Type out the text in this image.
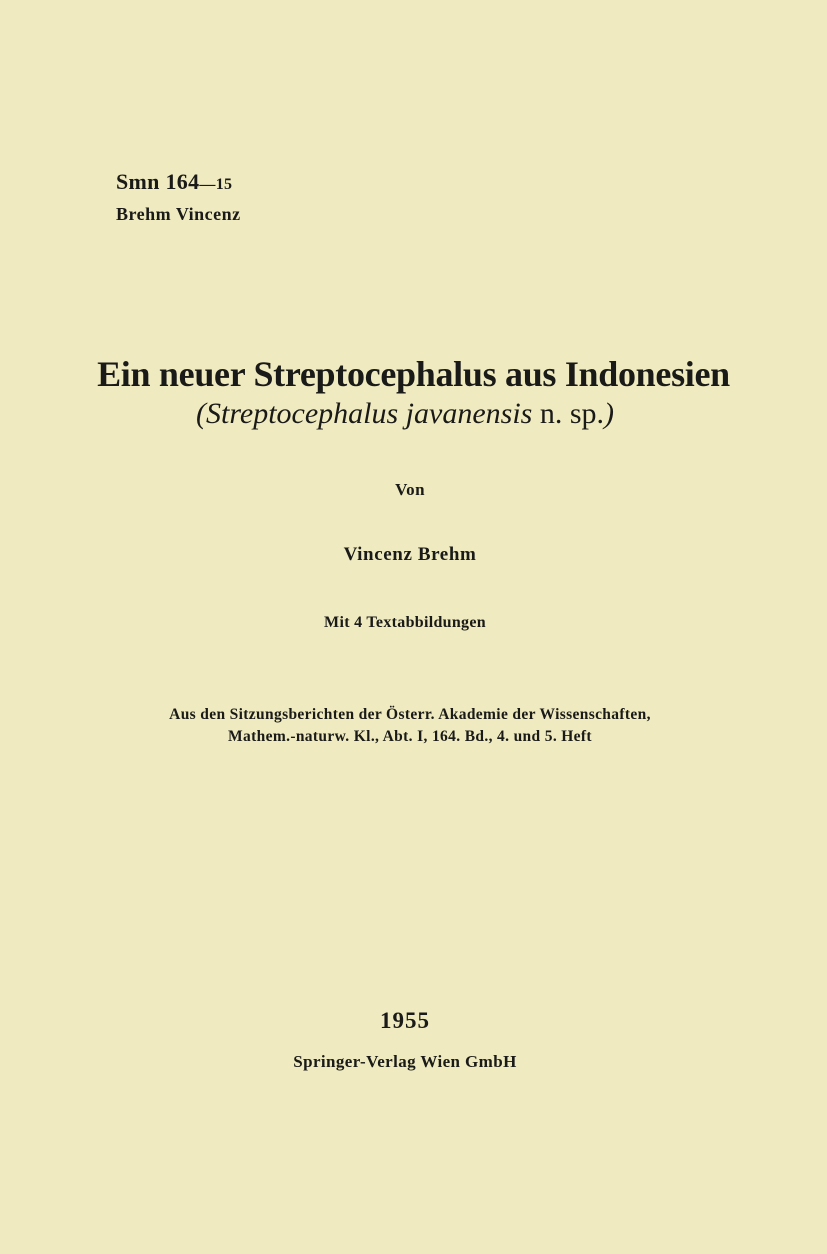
Smn 164—15
Brehm Vincenz
Ein neuer Streptocephalus aus Indonesien
(Streptocephalus javanensis n. sp.)
Von
Vincenz Brehm
Mit 4 Textabbildungen
Aus den Sitzungsberichten der Österr. Akademie der Wissenschaften,
Mathem.-naturw. Kl., Abt. I, 164. Bd., 4. und 5. Heft
1955
Springer-Verlag Wien GmbH
